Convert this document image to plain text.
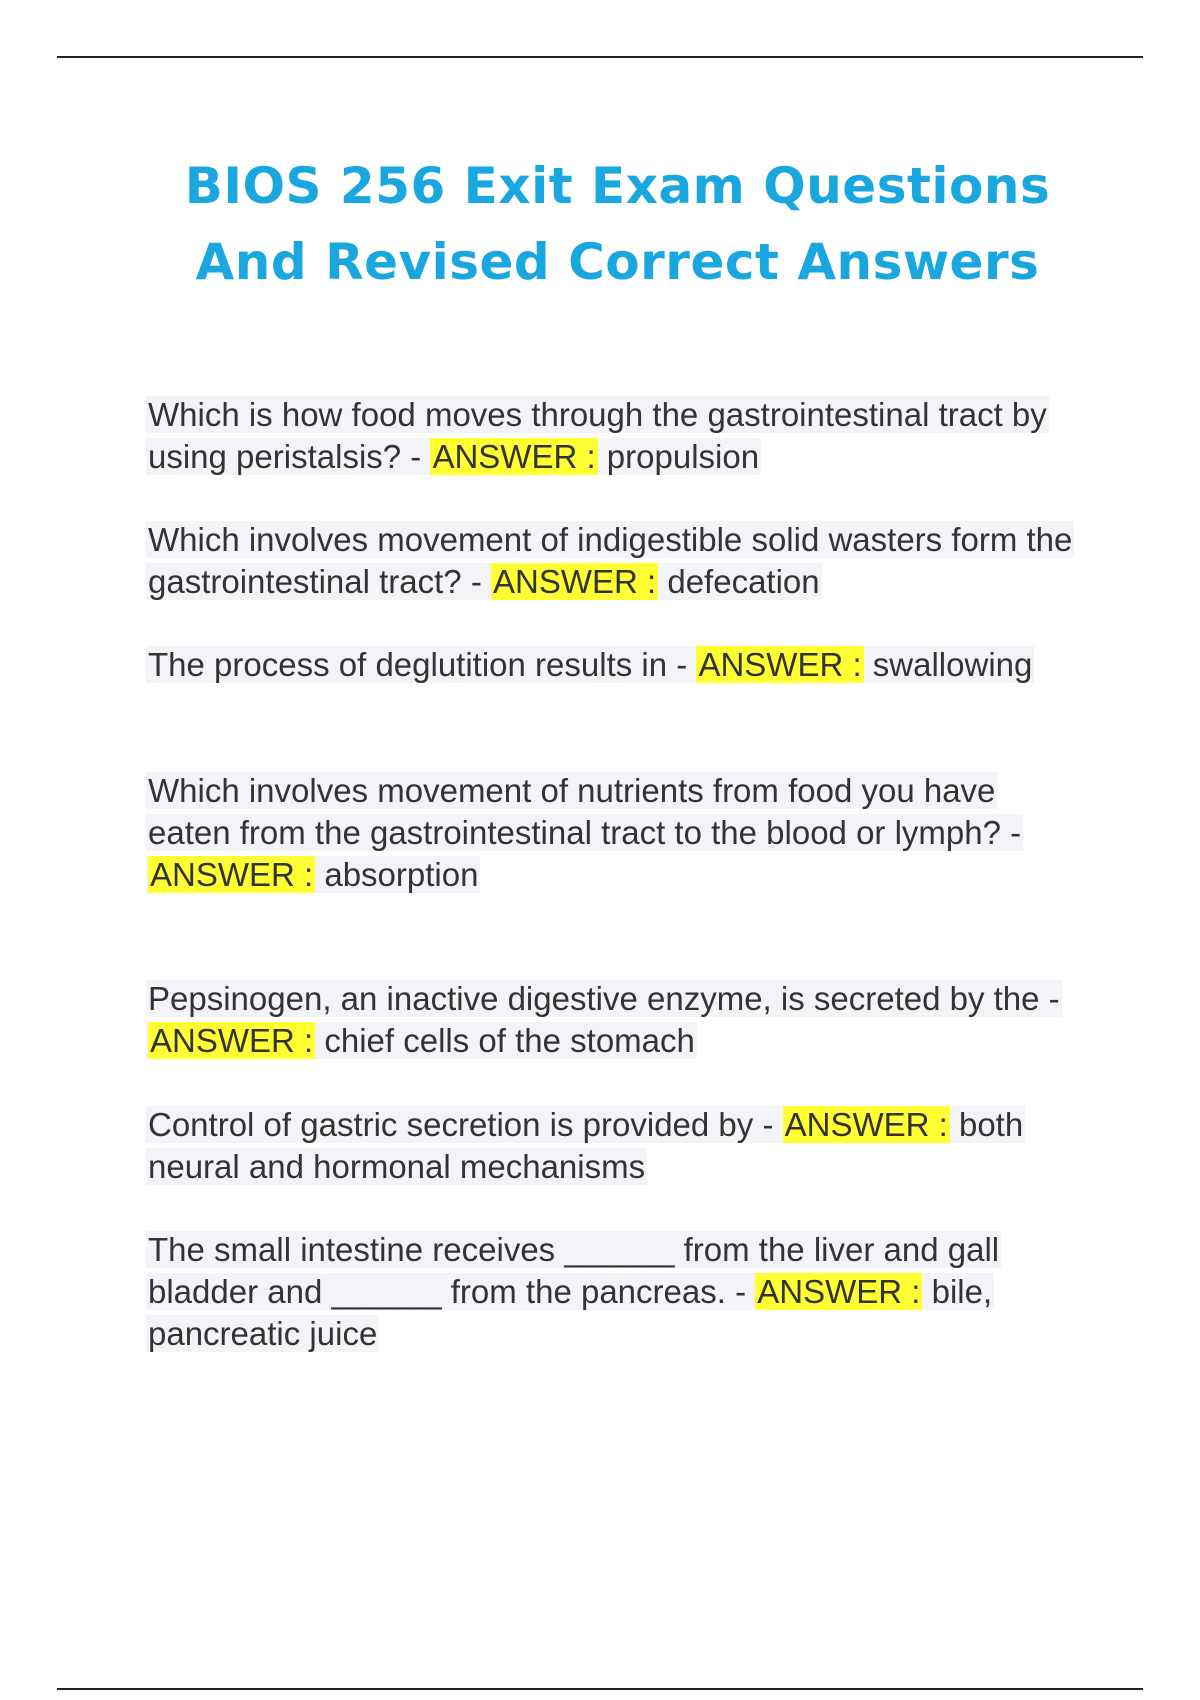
BIOS 256 Exit Exam Questions
And Revised Correct Answers
Which is how food moves through the gastrointestinal tract by using peristalsis? - ANSWER : propulsion
Which involves movement of indigestible solid wasters form the gastrointestinal tract? - ANSWER : defecation
The process of deglutition results in - ANSWER : swallowing
Which involves movement of nutrients from food you have eaten from the gastrointestinal tract to the blood or lymph? - ANSWER : absorption
Pepsinogen, an inactive digestive enzyme, is secreted by the - ANSWER : chief cells of the stomach
Control of gastric secretion is provided by - ANSWER : both neural and hormonal mechanisms
The small intestine receives ______ from the liver and gall bladder and ______ from the pancreas. - ANSWER : bile, pancreatic juice
